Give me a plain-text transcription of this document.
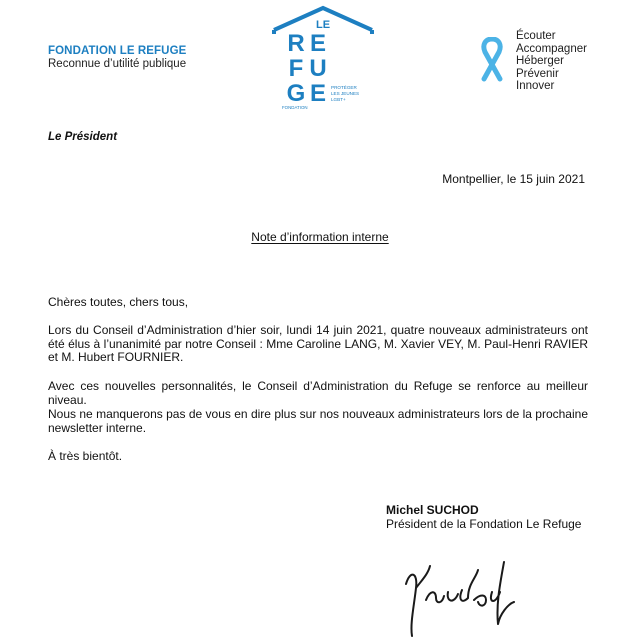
FONDATION LE REFUGE
Reconnue d’utilité publique
LE
R E
F U
G E PROTÉGER
LES JEUNES
LGBT+
FONDATION
Écouter
Accompagner
Héberger
Prévenir
Innover
Le Président
Montpellier, le 15 juin 2021
Note d’information interne
Chères toutes, chers tous,
Lors du Conseil d’Administration d’hier soir, lundi 14 juin 2021, quatre nouveaux administrateurs ont été élus à l’unanimité par notre Conseil : Mme Caroline LANG, M. Xavier VEY, M. Paul-Henri RAVIER et M. Hubert FOURNIER.
Avec ces nouvelles personnalités, le Conseil d’Administration du Refuge se renforce au meilleur niveau.
Nous ne manquerons pas de vous en dire plus sur nos nouveaux administrateurs lors de la prochaine newsletter interne.
À très bientôt.
Michel SUCHOD
Président de la Fondation Le Refuge
